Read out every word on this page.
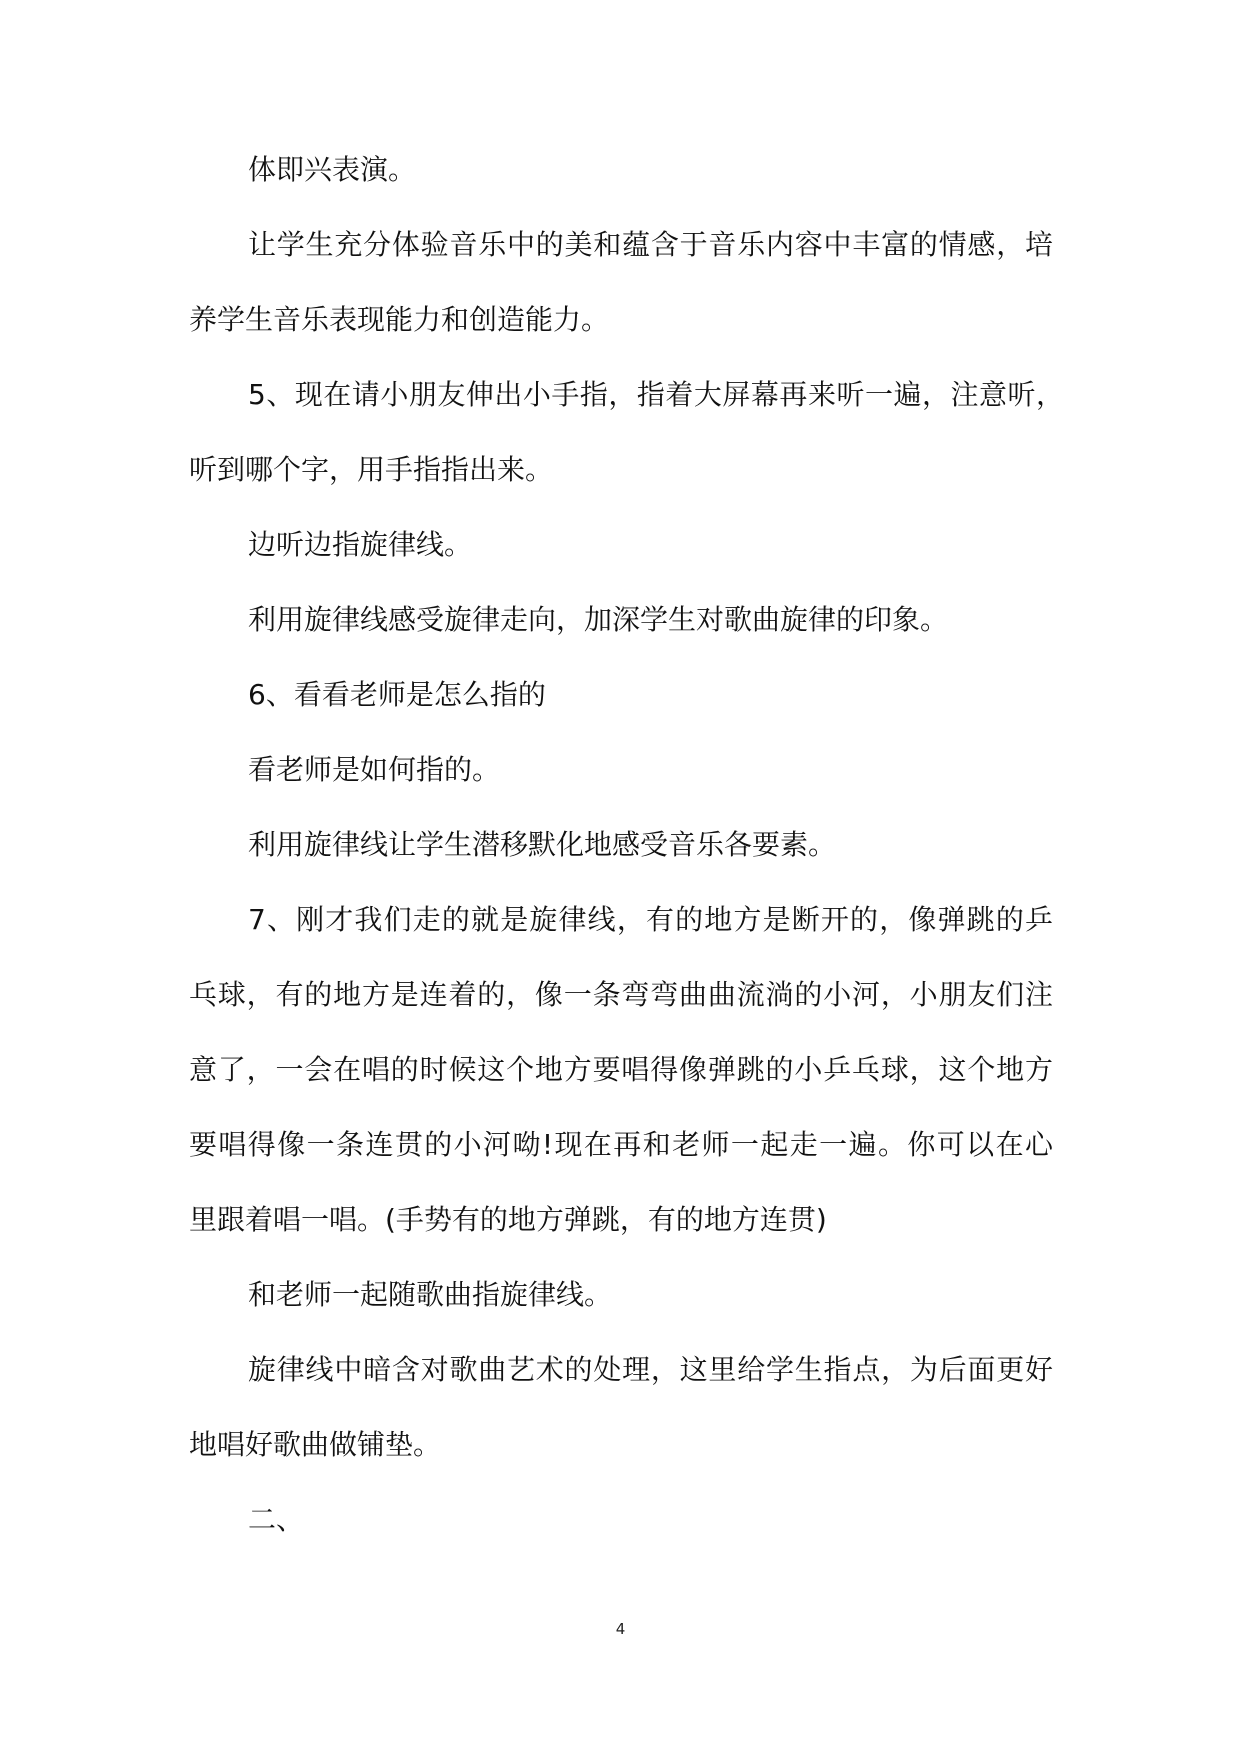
体即兴表演。
让学生充分体验音乐中的美和蕴含于音乐内容中丰富的情感，培
养学生音乐表现能力和创造能力。
5、现在请小朋友伸出小手指，指着大屏幕再来听一遍，注意听，
听到哪个字，用手指指出来。
边听边指旋律线。
利用旋律线感受旋律走向，加深学生对歌曲旋律的印象。
6、看看老师是怎么指的
看老师是如何指的。
利用旋律线让学生潜移默化地感受音乐各要素。
7、刚才我们走的就是旋律线，有的地方是断开的，像弹跳的乒
乓球，有的地方是连着的，像一条弯弯曲曲流淌的小河，小朋友们注
意了，一会在唱的时候这个地方要唱得像弹跳的小乒乓球，这个地方
要唱得像一条连贯的小河呦!现在再和老师一起走一遍。你可以在心
里跟着唱一唱。(手势有的地方弹跳，有的地方连贯)
和老师一起随歌曲指旋律线。
旋律线中暗含对歌曲艺术的处理，这里给学生指点，为后面更好
地唱好歌曲做铺垫。
二、
4
